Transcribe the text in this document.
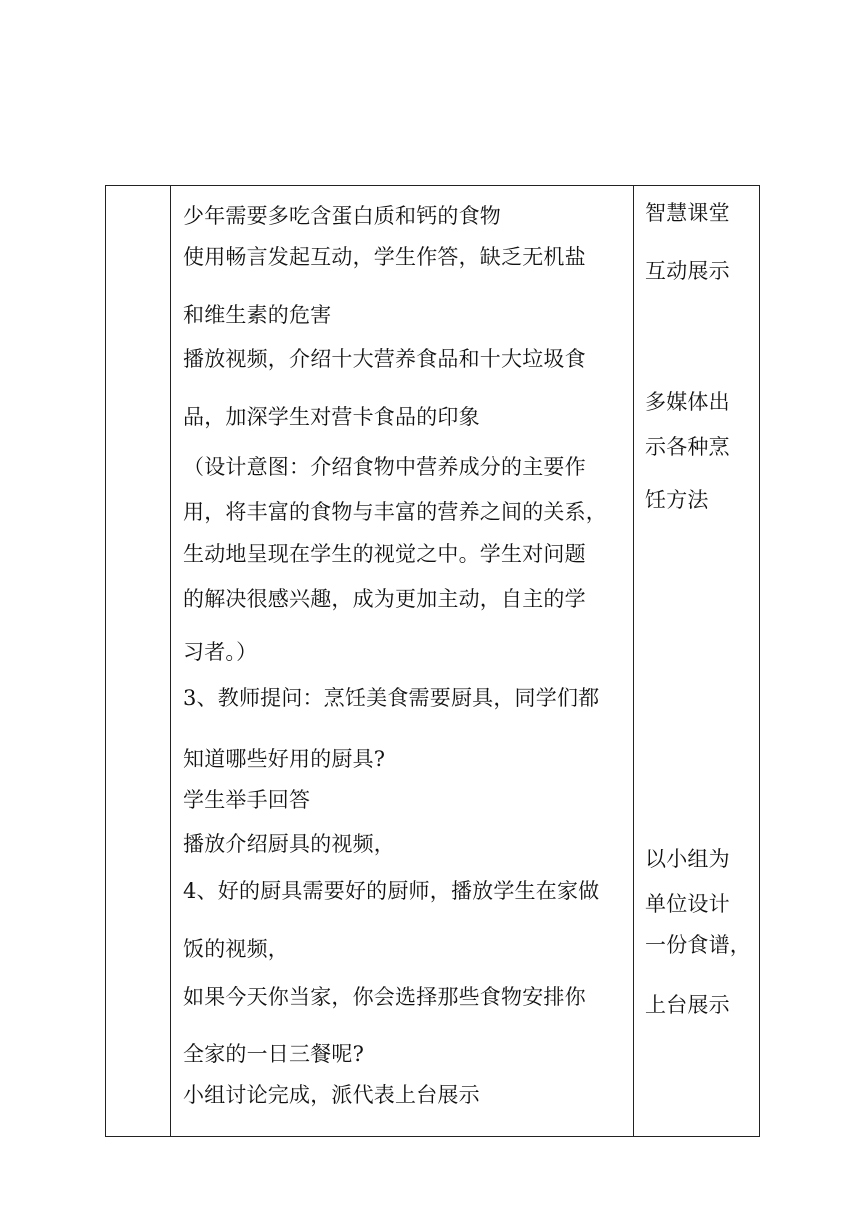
少年需要多吃含蛋白质和钙的食物
使用畅言发起互动，学生作答，缺乏无机盐
和维生素的危害
播放视频，介绍十大营养食品和十大垃圾食
品，加深学生对营卡食品的印象
（设计意图：介绍食物中营养成分的主要作
用，将丰富的食物与丰富的营养之间的关系，
生动地呈现在学生的视觉之中。学生对问题
的解决很感兴趣，成为更加主动，自主的学
习者。）
3、教师提问：烹饪美食需要厨具，同学们都
知道哪些好用的厨具?
学生举手回答
播放介绍厨具的视频，
4、好的厨具需要好的厨师，播放学生在家做
饭的视频，
如果今天你当家，你会选择那些食物安排你
全家的一日三餐呢?
小组讨论完成，派代表上台展示
智慧课堂
互动展示
多媒体出
示各种烹
饪方法
以小组为
单位设计
一份食谱，
上台展示
